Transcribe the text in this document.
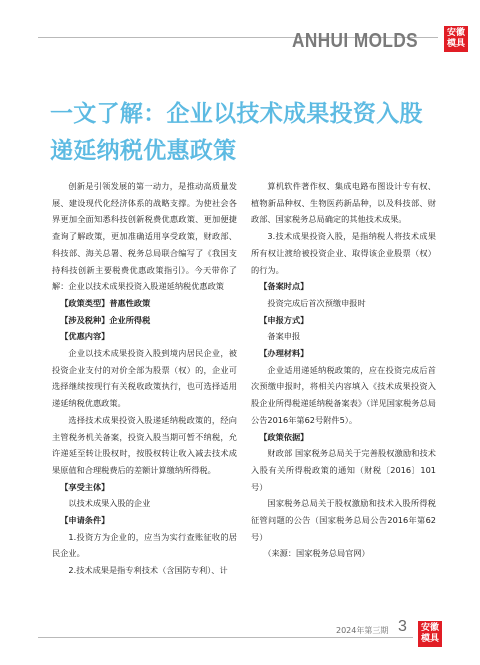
ANHUI MOLDS	安徽
模具
一文了解：企业以技术成果投资入股
递延纳税优惠政策

创新是引领发展的第一动力，是推动高质量发展、建设现代化经济体系的战略支撑。为使社会各界更加全面知悉科技创新税费优惠政策、更加便捷查询了解政策，更加准确适用享受政策，财政部、科技部、海关总署、税务总局联合编写了《我国支持科技创新主要税费优惠政策指引》。今天带你了解：企业以技术成果投资入股递延纳税优惠政策

【政策类型】普惠性政策

【涉及税种】企业所得税

【优惠内容】

企业以技术成果投资入股到境内居民企业，被投资企业支付的对价全部为股票（权）的，企业可选择继续按现行有关税收政策执行，也可选择适用递延纳税优惠政策。

选择技术成果投资入股递延纳税政策的，经向主管税务机关备案，投资入股当期可暂不纳税，允许递延至转让股权时，按股权转让收入减去技术成果原值和合理税费后的差额计算缴纳所得税。

【享受主体】

以技术成果入股的企业

【申请条件】

1.投资方为企业的，应当为实行查账征收的居民企业。

2.技术成果是指专利技术（含国防专利）、计

算机软件著作权、集成电路布图设计专有权、植物新品种权、生物医药新品种，以及科技部、财政部、国家税务总局确定的其他技术成果。

3.技术成果投资入股，是指纳税人将技术成果所有权让渡给被投资企业、取得该企业股票（权）的行为。

【备案时点】

投资完成后首次预缴申报时

【申报方式】

备案申报

【办理材料】

企业适用递延纳税政策的，应在投资完成后首次预缴申报时，将相关内容填入《技术成果投资入股企业所得税递延纳税备案表》（详见国家税务总局公告2016年第62号附件5）。

【政策依据】

财政部 国家税务总局关于完善股权激励和技术入股有关所得税政策的通知（财税〔2016〕101号）

国家税务总局关于股权激励和技术入股所得税征管问题的公告（国家税务总局公告2016年第62号）

（来源：国家税务总局官网）

2024年第三期 3	安徽
模具
